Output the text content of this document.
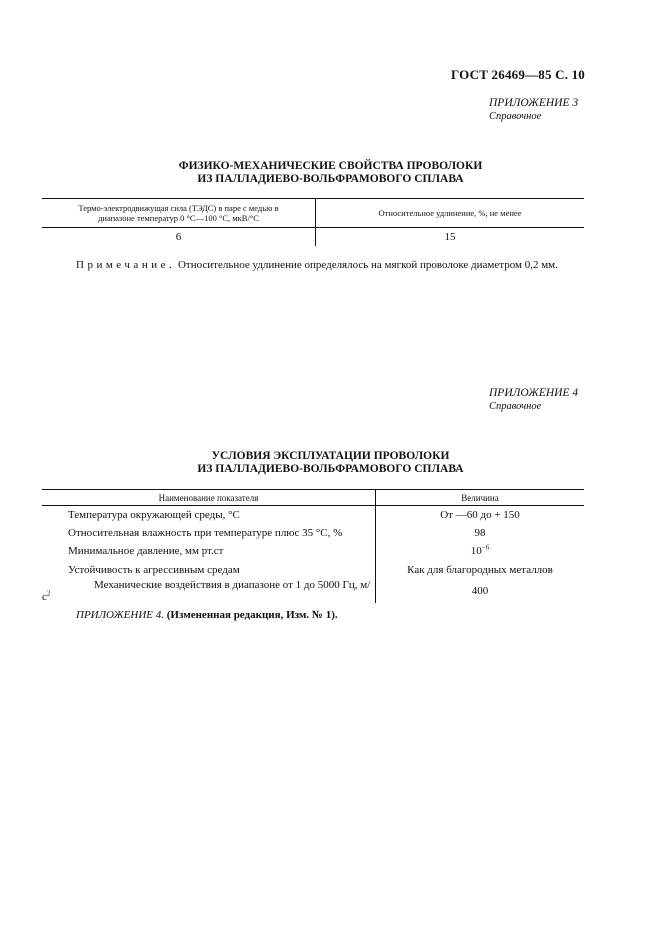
ГОСТ 26469—85 С. 10
ПРИЛОЖЕНИЕ 3
Справочное
ФИЗИКО-МЕХАНИЧЕСКИЕ СВОЙСТВА ПРОВОЛОКИ
ИЗ ПАЛЛАДИЕВО-ВОЛЬФРАМОВОГО СПЛАВА
Термо-электродвижущая сила (ТЭДС) в паре с медью в
диапазоне температур 0 °С—100 °С, мкВ/°С	Относительное удлинение, %, не менее
6	15
Примечание. Относительное удлинение определялось на мягкой проволоке диаметром 0,2 мм.
ПРИЛОЖЕНИЕ 4
Справочное
УСЛОВИЯ ЭКСПЛУАТАЦИИ ПРОВОЛОКИ
ИЗ ПАЛЛАДИЕВО-ВОЛЬФРАМОВОГО СПЛАВА
Наименование показателя	Величина
Температура окружающей среды, °С	От —60 до + 150
Относительная влажность при температуре плюс 35 °С, %	98
Минимальное давление, мм рт.ст	$10^{-6}$
Устойчивость к агрессивным средам	Как для благородных металлов
Механические воздействия в диапазоне от 1 до 5000 Гц, $м/с^2$	400
ПРИЛОЖЕНИЕ 4. (Измененная редакция, Изм. № 1).
